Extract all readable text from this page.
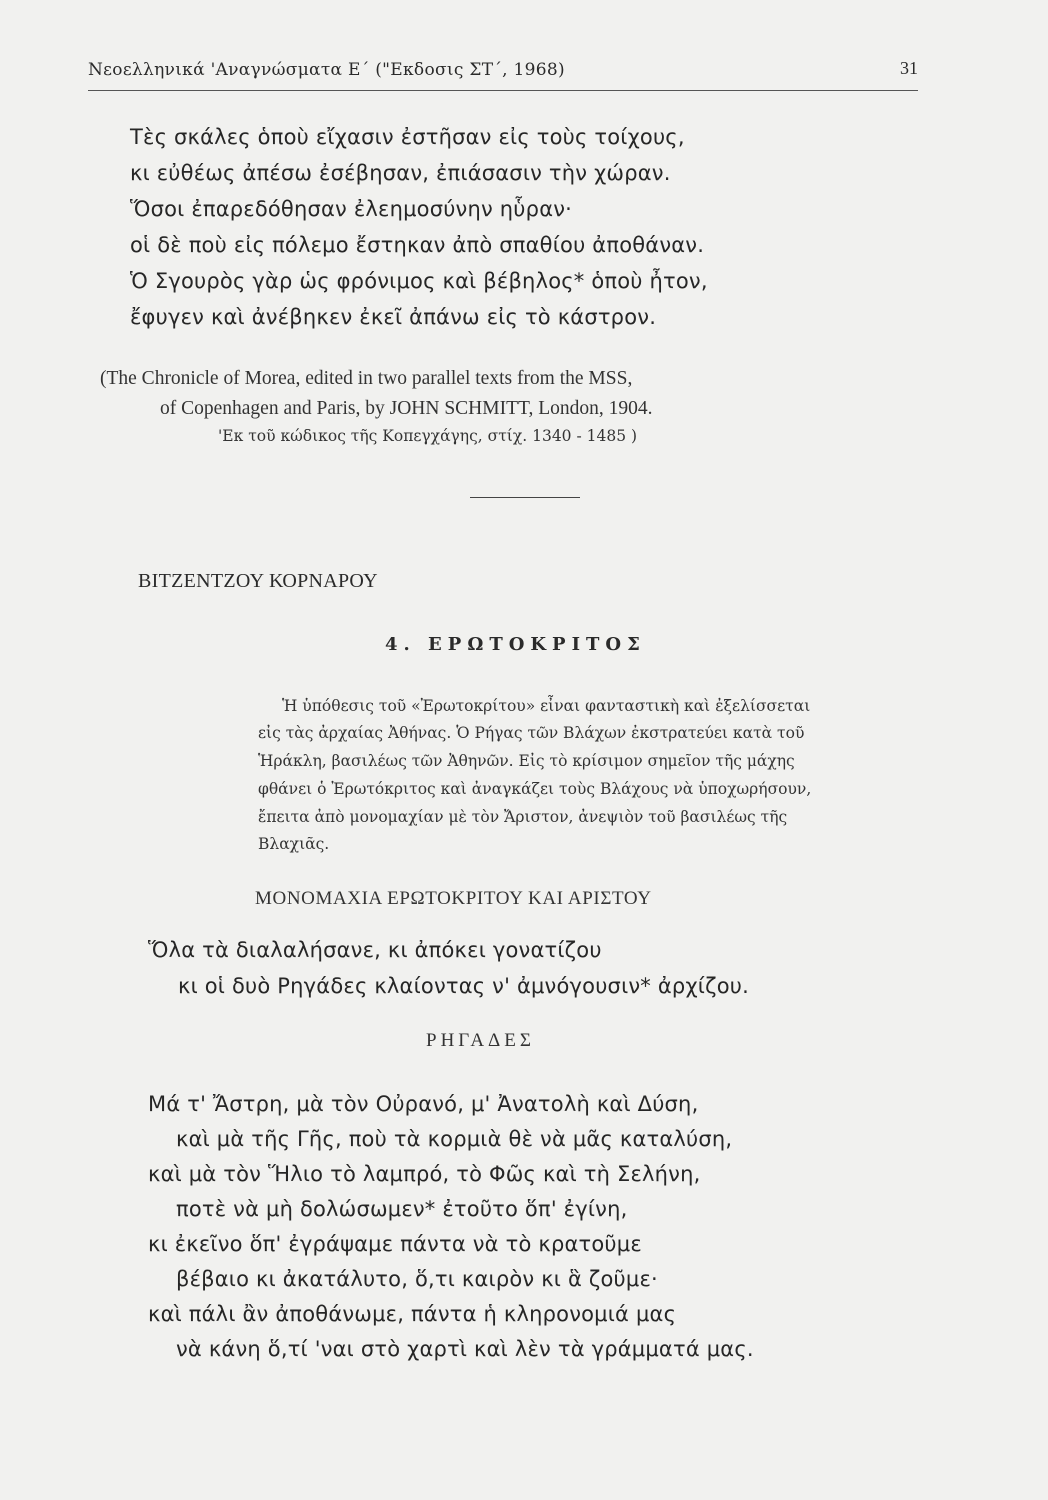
Νεοελληνικά 'Αναγνώσματα Ε΄ ("Εκδοσις ΣΤ΄, 1968)	31
Τὲς σκάλες ὁποὺ εἴχασιν ἐστῆσαν εἰς τοὺς τοίχους,
κι εὐθέως ἀπέσω ἐσέβησαν, ἐπιάσασιν τὴν χώραν.
Ὅσοι ἐπαρεδόθησαν ἐλεημοσύνην ηὗραν·
οἱ δὲ ποὺ εἰς πόλεμο ἔστηκαν ἀπὸ σπαθίου ἀποθάναν.
Ὁ Σγουρὸς γὰρ ὡς φρόνιμος καὶ βέβηλος* ὁποὺ ἦτον,
ἔφυγεν καὶ ἀνέβηκεν ἐκεῖ ἀπάνω εἰς τὸ κάστρον.
(The Chronicle of Morea, edited in two parallel texts from the MSS,
of Copenhagen and Paris, by JOHN SCHMITT, London, 1904.
'Εκ τοῦ κώδικος τῆς Κοπεγχάγης, στίχ. 1340 - 1485 )
ΒΙΤΖΕΝΤΖΟΥ ΚΟΡΝΑΡΟΥ
4. ΕΡΩΤΟΚΡΙΤΟΣ
Ἡ ὑπόθεσις τοῦ «Ἐρωτοκρίτου» εἶναι φανταστικὴ καὶ ἐξελίσσεται
εἰς τὰς ἀρχαίας Ἀθήνας. Ὁ Ρήγας τῶν Βλάχων ἐκστρατεύει κατὰ τοῦ
Ἡράκλη, βασιλέως τῶν Ἀθηνῶν. Εἰς τὸ κρίσιμον σημεῖον τῆς μάχης
φθάνει ὁ Ἐρωτόκριτος καὶ ἀναγκάζει τοὺς Βλάχους νὰ ὑποχωρήσουν,
ἔπειτα ἀπὸ μονομαχίαν μὲ τὸν Ἄριστον, ἀνεψιὸν τοῦ βασιλέως τῆς
Βλαχιᾶς.
ΜΟΝΟΜΑΧΙΑ ΕΡΩΤΟΚΡΙΤΟΥ ΚΑΙ ΑΡΙΣΤΟΥ
Ὅλα τὰ διαλαλήσανε, κι ἀπόκει γονατίζου
κι οἱ δυὸ Ρηγάδες κλαίοντας ν' ἀμνόγουσιν* ἀρχίζου.
ΡΗΓΑΔΕΣ
Μά τ' Ἄστρη, μὰ τὸν Οὐρανό, μ' Ἀνατολὴ καὶ Δύση,
καὶ μὰ τῆς Γῆς, ποὺ τὰ κορμιὰ θὲ νὰ μᾶς καταλύση,
καὶ μὰ τὸν Ἥλιο τὸ λαμπρό, τὸ Φῶς καὶ τὴ Σελήνη,
ποτὲ νὰ μὴ δολώσωμεν* ἐτοῦτο ὅπ' ἐγίνη,
κι ἐκεῖνο ὅπ' ἐγράψαμε πάντα νὰ τὸ κρατοῦμε
βέβαιο κι ἀκατάλυτο, ὅ,τι καιρὸν κι ἃ ζοῦμε·
καὶ πάλι ἂν ἀποθάνωμε, πάντα ἡ κληρονομιά μας
νὰ κάνη ὅ,τί 'ναι στὸ χαρτὶ καὶ λὲν τὰ γράμματά μας.
